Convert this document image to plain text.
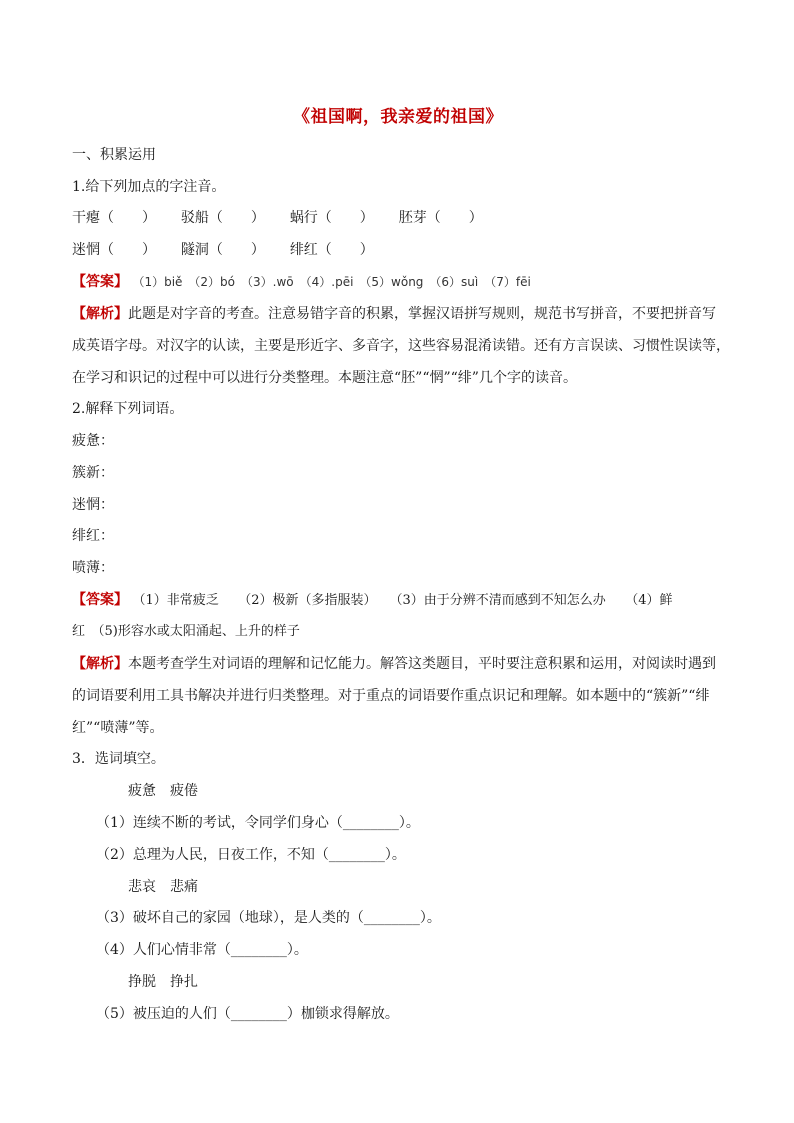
《祖国啊，我亲爱的祖国》
一、积累运用
1.给下列加点的字注音。
干瘪（　　） 驳船（　　） 蜗行（　　） 胚芽（　　）
迷惘（　　） 隧洞（　　） 绯红（　　）
【答案】 （1）biě　（2）bó　（3）.wō　（4）.pēi　（5）wǒng　（6）suì　（7）fēi
【解析】此题是对字音的考查。注意易错字音的积累，掌握汉语拼写规则，规范书写拼音，不要把拼音写
成英语字母。对汉字的认读，主要是形近字、多音字，这些容易混淆读错。还有方言误读、习惯性误读等，
在学习和识记的过程中可以进行分类整理。本题注意“胚”“惘”“绯”几个字的读音。
2.解释下列词语。
疲惫：
簇新：
迷惘：
绯红：
喷薄：
【答案】 （1）非常疲乏　　（2）极新（多指服装）　　（3）由于分辨不清而感到不知怎么办　　（4）鲜
红　（5)形容水或太阳涌起、上升的样子
【解析】本题考查学生对词语的理解和记忆能力。解答这类题目，平时要注意积累和运用，对阅读时遇到
的词语要利用工具书解决并进行归类整理。对于重点的词语要作重点识记和理解。如本题中的“簇新”“绯
红”“喷薄”等。
3．选词填空。
疲惫　疲倦
（1）连续不断的考试，令同学们身心（________）。
（2）总理为人民，日夜工作，不知（________）。
悲哀　悲痛
（3）破坏自己的家园（地球），是人类的（________）。
（4）人们心情非常（________）。
挣脱　挣扎
（5）被压迫的人们（________）枷锁求得解放。
